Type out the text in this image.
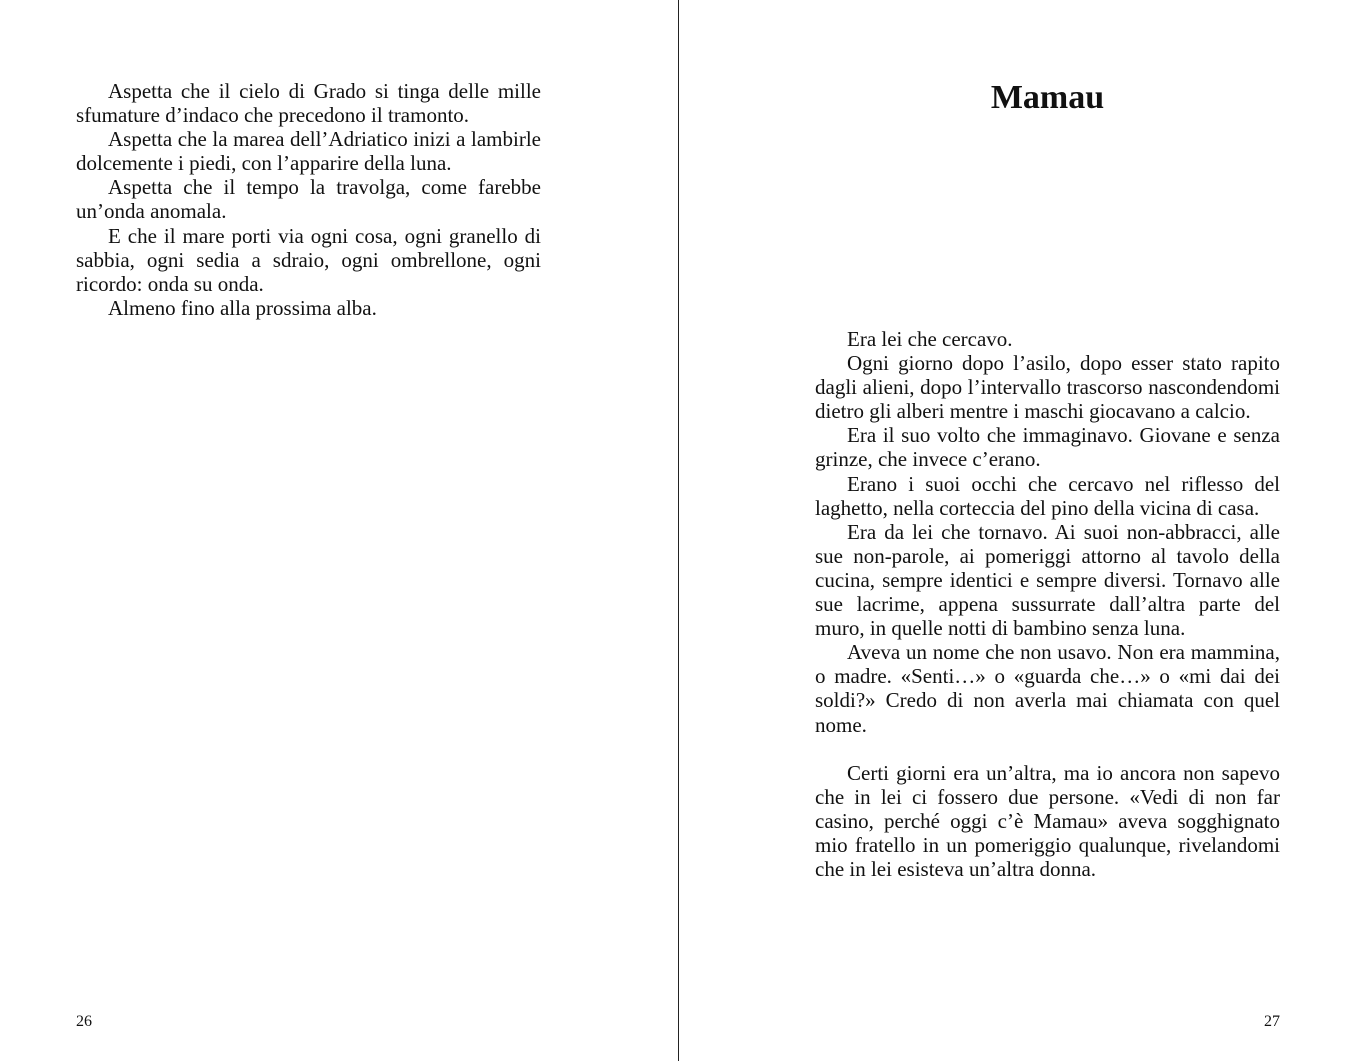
Aspetta che il cielo di Grado si tinga delle mille sfumature d’indaco che precedono il tramonto.

Aspetta che la marea dell’Adriatico inizi a lambirle dolcemente i piedi, con l’apparire della luna.

Aspetta che il tempo la travolga, come farebbe un’onda anomala.

E che il mare porti via ogni cosa, ogni granello di sabbia, ogni sedia a sdraio, ogni ombrellone, ogni ricordo: onda su onda.

Almeno fino alla prossima alba.

26
Mamau

Era lei che cercavo.

Ogni giorno dopo l’asilo, dopo esser stato rapito dagli alieni, dopo l’intervallo trascorso nascondendomi dietro gli alberi mentre i maschi giocavano a calcio.

Era il suo volto che immaginavo. Giovane e senza grinze, che invece c’erano.

Erano i suoi occhi che cercavo nel riflesso del laghetto, nella corteccia del pino della vicina di casa.

Era da lei che tornavo. Ai suoi non-abbracci, alle sue non-parole, ai pomeriggi attorno al tavolo della cucina, sempre identici e sempre diversi. Tornavo alle sue lacrime, appena sussurrate dall’altra parte del muro, in quelle notti di bambino senza luna.

Aveva un nome che non usavo. Non era mammina, o madre. «Senti…» o «guarda che…» o «mi dai dei soldi?» Credo di non averla mai chiamata con quel nome.

Certi giorni era un’altra, ma io ancora non sapevo che in lei ci fossero due persone. «Vedi di non far casino, perché oggi c’è Mamau» aveva sogghignato mio fratello in un pomeriggio qualunque, rivelandomi che in lei esisteva un’altra donna.

27
